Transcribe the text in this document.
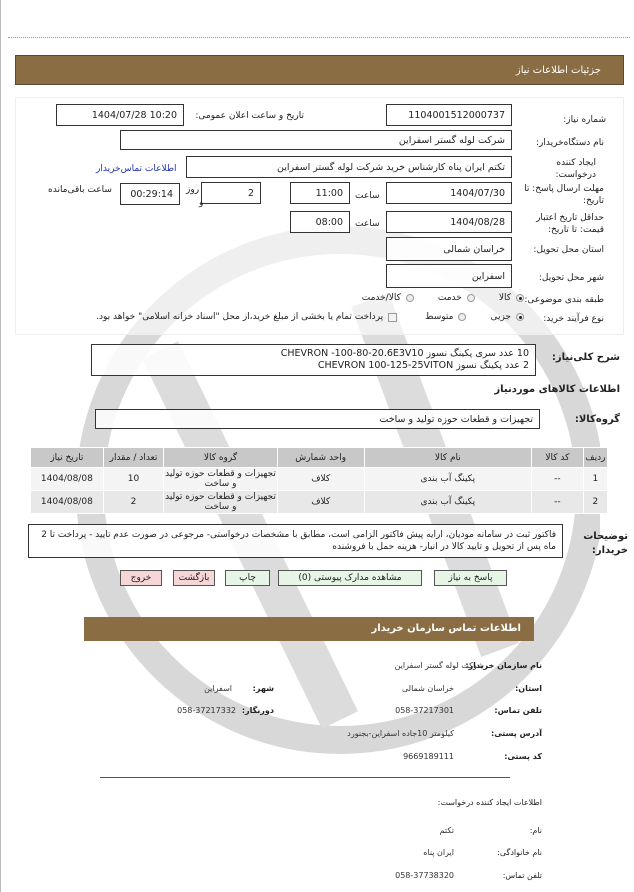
جزئیات اطلاعات نیاز
شماره نیاز:
1104001512000737
تاریخ و ساعت اعلان عمومی:
1404/07/28 10:20
نام دستگاه‌خریدار:
شرکت لوله گستر اسفراین
ایجاد کننده درخواست:
تکتم ایران پناه کارشناس خرید شرکت لوله گستر اسفراین
اطلاعات تماس‌خریدار
مهلت ارسال پاسخ: تا تاریخ:
1404/07/30
ساعت
11:00
2
روز
و
00:29:14
ساعت باقی‌مانده
حداقل تاریخ اعتبار قیمت: تا تاریخ:
1404/08/28
ساعت
08:00
استان محل تحویل:
خراسان شمالی
شهر محل تحویل:
اسفراین
طبقه بندی موضوعی:
کالا
خدمت
کالا/خدمت
نوع فرآیند خرید:
جزیی
متوسط
پرداخت تمام یا بخشی از مبلغ خرید،از محل "اسناد خزانه اسلامی" خواهد بود.
شرح کلی‌نیاز:
10 عدد سری پکینگ نسوز CHEVRON -100-80-20.6E3V10
2 عدد پکینگ نسوز CHEVRON 100-125-25VITON
اطلاعات کالاهای موردنیاز
گروه‌کالا:
تجهیزات و قطعات حوزه تولید و ساخت
ردیف	کد کالا	نام کالا	واحد شمارش	گروه کالا	تعداد / مقدار	تاریخ نیاز
1	--	پکینگ آب بندی	کلاف	تجهیزات و قطعات حوزه تولید و ساخت	10	1404/08/08
2	--	پکینگ آب بندی	کلاف	تجهیزات و قطعات حوزه تولید و ساخت	2	1404/08/08
توضیحات خریدار:
فاکتور ثبت در سامانه مودیان، ارایه پیش فاکتور الزامی است، مطابق با مشخصات درخواستی- مرجوعی در صورت عدم تایید - پرداخت تا 2 ماه پس از تحویل و تایید کالا در انبار- هزینه حمل با فروشنده
پاسخ به نیاز
مشاهده مدارک پیوستی (0)
چاپ
بازگشت
خروج
اطلاعات تماس سازمان خریدار
نام سازمان خریدار:
شرکت لوله گستر اسفراین
استان:
خراسان شمالی
شهر:
اسفراین
تلفن تماس:
058-37217301
دورنگار:
058-37217332
آدرس پستی:
کیلومتر 10جاده اسفراین-بجنورد
کد پستی:
9669189111
اطلاعات ایجاد کننده درخواست:
نام:
تکتم
نام خانوادگی:
ایران پناه
تلفن تماس:
058-37738320
